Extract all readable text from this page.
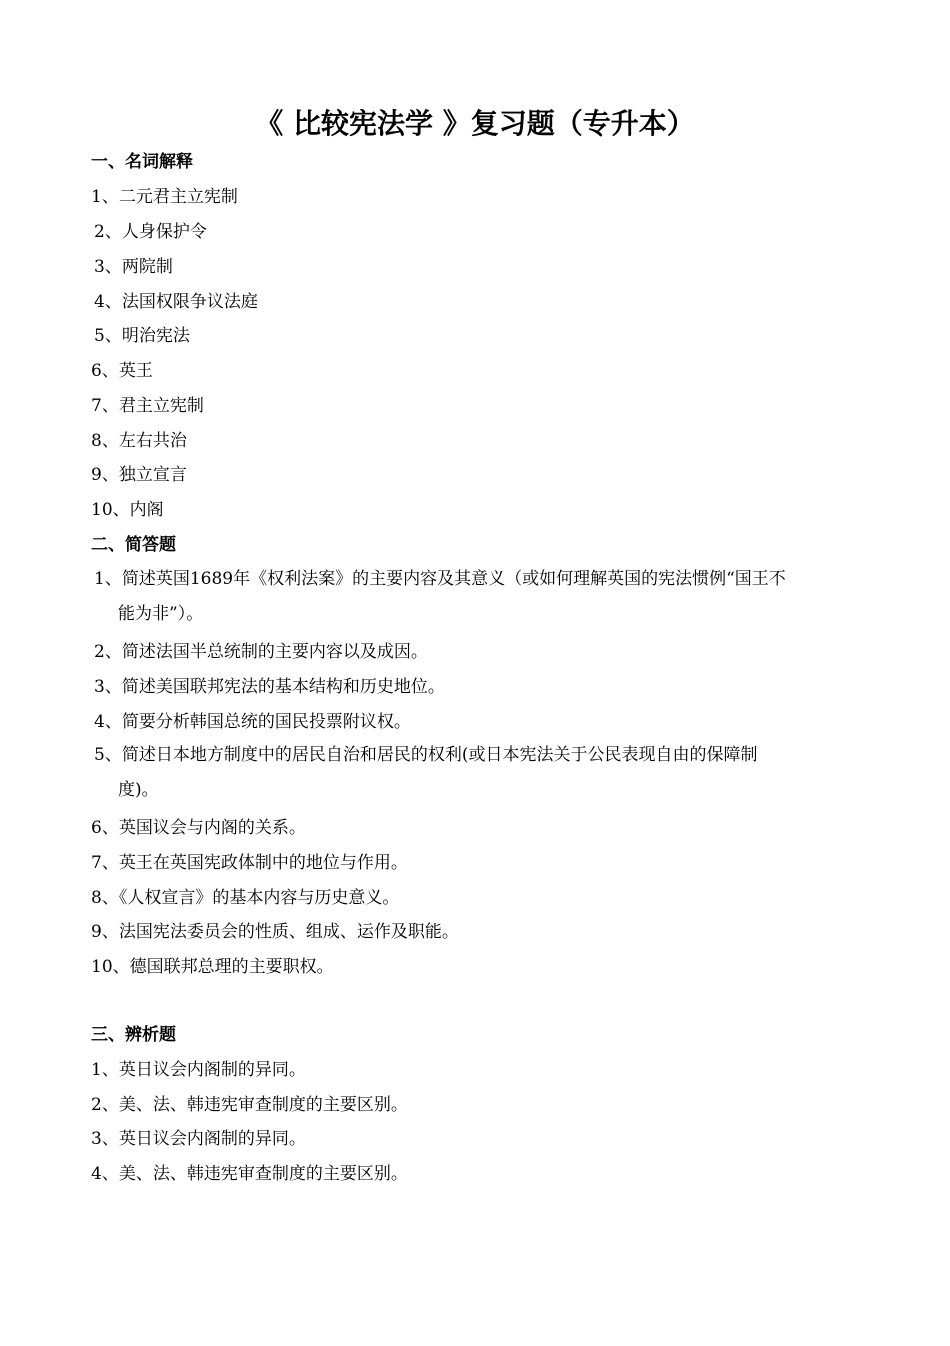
《 比较宪法学 》复习题（专升本）
一、名词解释
1、二元君主立宪制
2、人身保护令
3、两院制
4、法国权限争议法庭
5、明治宪法
6、英王
7、君主立宪制
8、左右共治
9、独立宣言
10、内阁
二、简答题
1、简述英国1689年《权利法案》的主要内容及其意义（或如何理解英国的宪法惯例“国王不
能为非”）。
2、简述法国半总统制的主要内容以及成因。
3、简述美国联邦宪法的基本结构和历史地位。
4、简要分析韩国总统的国民投票附议权。
5、简述日本地方制度中的居民自治和居民的权利(或日本宪法关于公民表现自由的保障制
度)。
6、英国议会与内阁的关系。
7、英王在英国宪政体制中的地位与作用。
8、《人权宣言》的基本内容与历史意义。
9、法国宪法委员会的性质、组成、运作及职能。
10、德国联邦总理的主要职权。
三、辨析题
1、英日议会内阁制的异同。
2、美、法、韩违宪审查制度的主要区别。
3、英日议会内阁制的异同。
4、美、法、韩违宪审查制度的主要区别。
